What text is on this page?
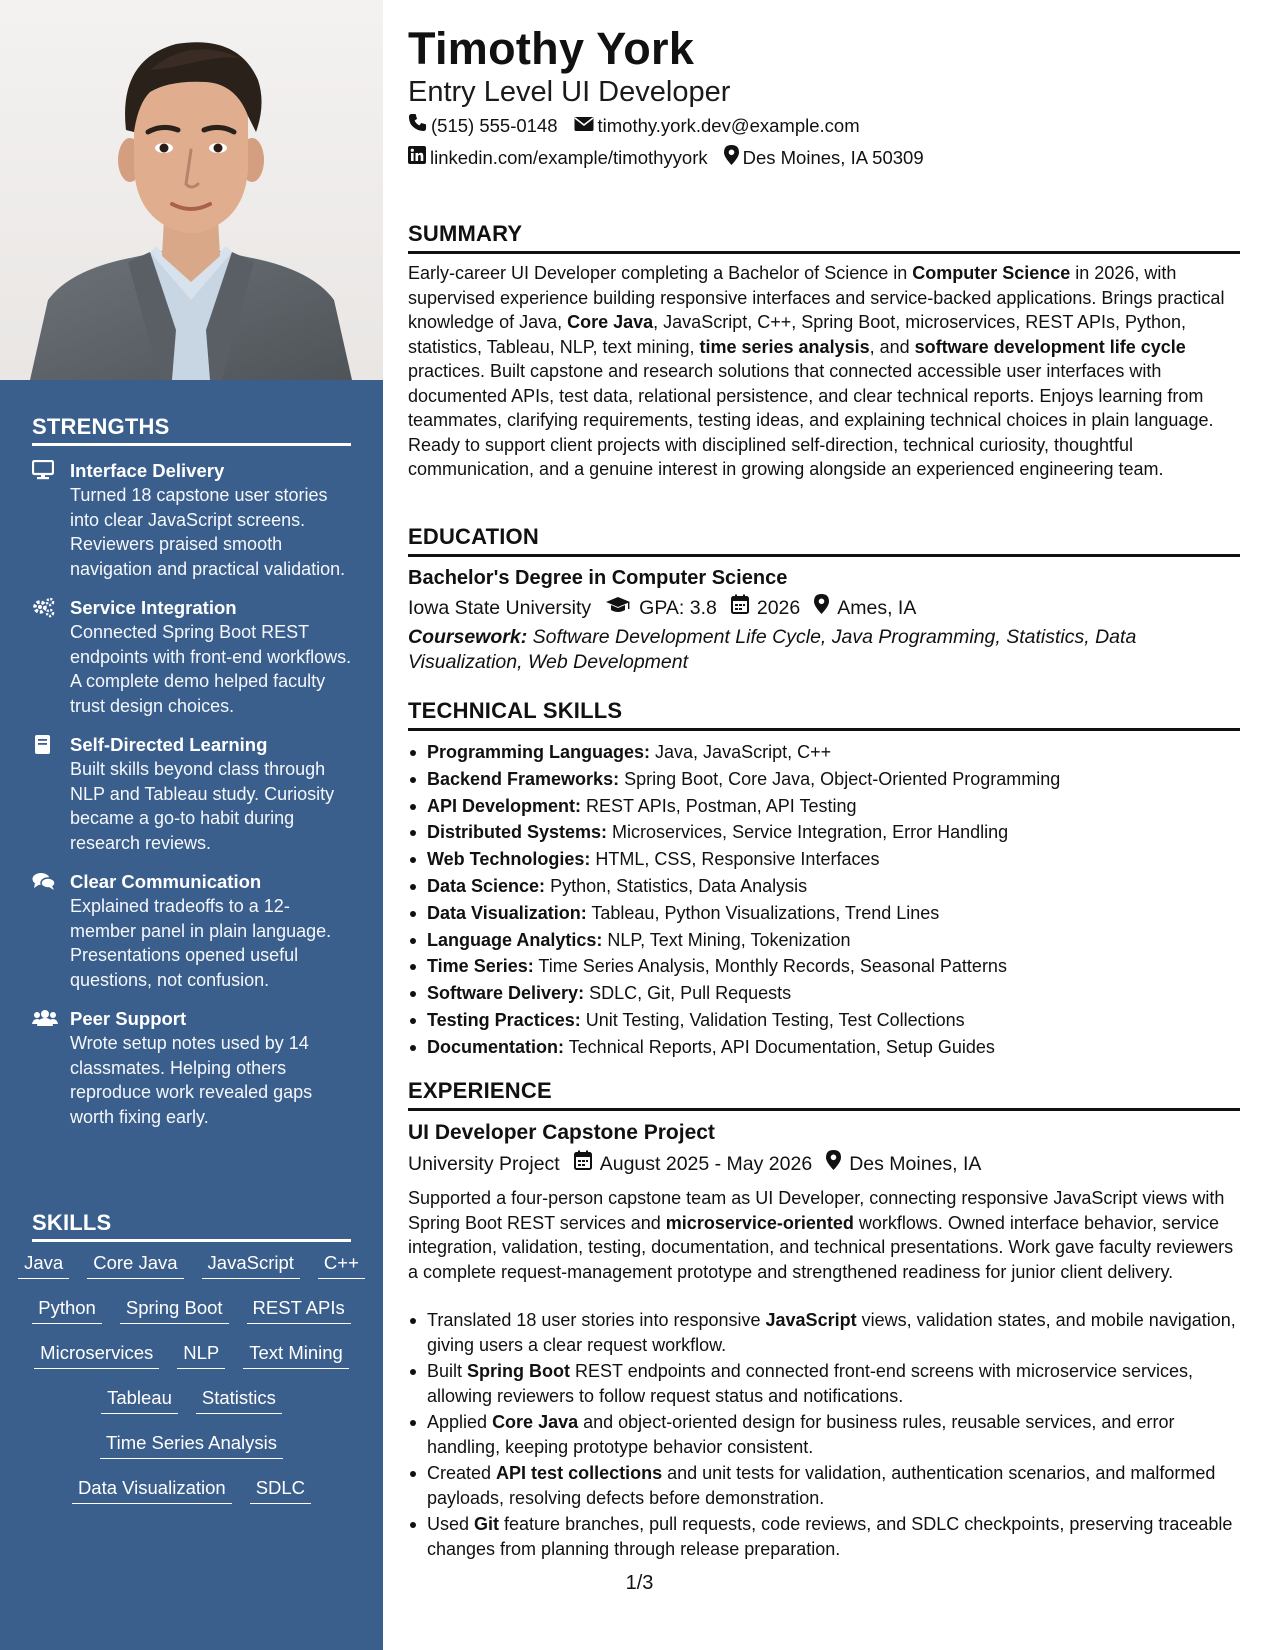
STRENGTHS
Interface Delivery
Turned 18 capstone user stories into clear JavaScript screens. Reviewers praised smooth navigation and practical validation.
Service Integration
Connected Spring Boot REST endpoints with front-end workflows. A complete demo helped faculty trust design choices.
Self-Directed Learning
Built skills beyond class through NLP and Tableau study. Curiosity became a go-to habit during research reviews.
Clear Communication
Explained tradeoffs to a 12-member panel in plain language. Presentations opened useful questions, not confusion.
Peer Support
Wrote setup notes used by 14 classmates. Helping others reproduce work revealed gaps worth fixing early.
SKILLS
Java	Core Java	JavaScript	C++
Python	Spring Boot	REST APIs
Microservices	NLP	Text Mining
Tableau	Statistics
Time Series Analysis
Data Visualization	SDLC
Timothy York
Entry Level UI Developer
(515) 555-0148 timothy.york.dev@example.com
linkedin.com/example/timothyyork Des Moines, IA 50309
SUMMARY
Early-career UI Developer completing a Bachelor of Science in Computer Science in 2026, with supervised experience building responsive interfaces and service-backed applications. Brings practical knowledge of Java, Core Java, JavaScript, C++, Spring Boot, microservices, REST APIs, Python, statistics, Tableau, NLP, text mining, time series analysis, and software development life cycle practices. Built capstone and research solutions that connected accessible user interfaces with documented APIs, test data, relational persistence, and clear technical reports. Enjoys learning from teammates, clarifying requirements, testing ideas, and explaining technical choices in plain language. Ready to support client projects with disciplined self-direction, technical curiosity, thoughtful communication, and a genuine interest in growing alongside an experienced engineering team.
EDUCATION
Bachelor's Degree in Computer Science
Iowa State University GPA: 3.8 2026 Ames, IA
Coursework: Software Development Life Cycle, Java Programming, Statistics, Data Visualization, Web Development
TECHNICAL SKILLS
Programming Languages: Java, JavaScript, C++
Backend Frameworks: Spring Boot, Core Java, Object-Oriented Programming
API Development: REST APIs, Postman, API Testing
Distributed Systems: Microservices, Service Integration, Error Handling
Web Technologies: HTML, CSS, Responsive Interfaces
Data Science: Python, Statistics, Data Analysis
Data Visualization: Tableau, Python Visualizations, Trend Lines
Language Analytics: NLP, Text Mining, Tokenization
Time Series: Time Series Analysis, Monthly Records, Seasonal Patterns
Software Delivery: SDLC, Git, Pull Requests
Testing Practices: Unit Testing, Validation Testing, Test Collections
Documentation: Technical Reports, API Documentation, Setup Guides
EXPERIENCE
UI Developer Capstone Project
University Project August 2025 - May 2026 Des Moines, IA
Supported a four-person capstone team as UI Developer, connecting responsive JavaScript views with Spring Boot REST services and microservice-oriented workflows. Owned interface behavior, service integration, validation, testing, documentation, and technical presentations. Work gave faculty reviewers a complete request-management prototype and strengthened readiness for junior client delivery.
Translated 18 user stories into responsive JavaScript views, validation states, and mobile navigation, giving users a clear request workflow.
Built Spring Boot REST endpoints and connected front-end screens with microservice services, allowing reviewers to follow request status and notifications.
Applied Core Java and object-oriented design for business rules, reusable services, and error handling, keeping prototype behavior consistent.
Created API test collections and unit tests for validation, authentication scenarios, and malformed payloads, resolving defects before demonstration.
Used Git feature branches, pull requests, code reviews, and SDLC checkpoints, preserving traceable changes from planning through release preparation.
1/3
